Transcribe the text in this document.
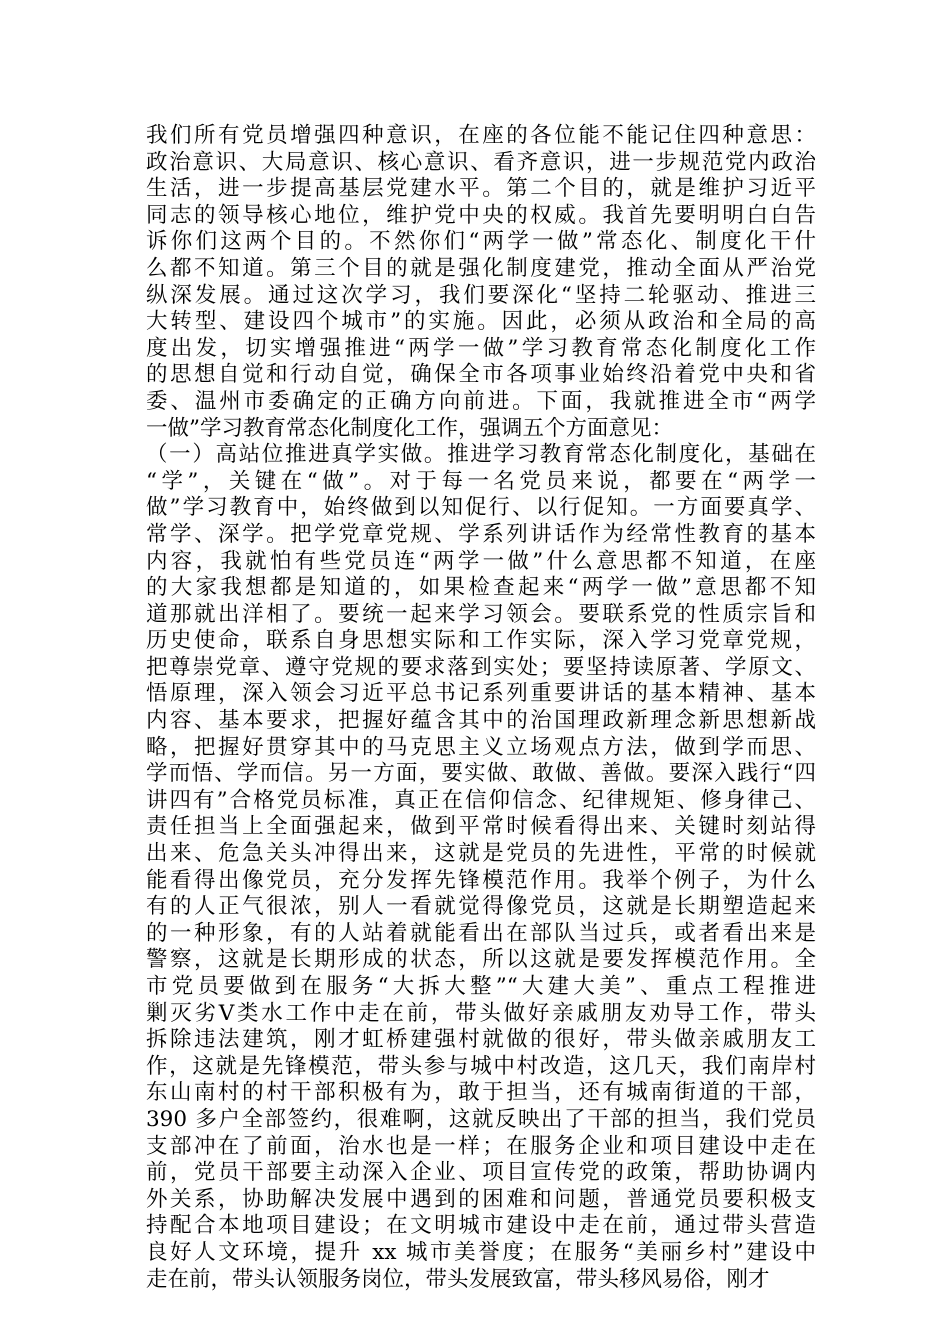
我们所有党员增强四种意识，在座的各位能不能记住四种意思：
政治意识、大局意识、核心意识、看齐意识，进一步规范党内政治
生活，进一步提高基层党建水平。第二个目的，就是维护习近平
同志的领导核心地位，维护党中央的权威。我首先要明明白白告
诉你们这两个目的。不然你们“两学一做”常态化、制度化干什
么都不知道。第三个目的就是强化制度建党，推动全面从严治党
纵深发展。通过这次学习，我们要深化“坚持二轮驱动、推进三
大转型、建设四个城市”的实施。因此，必须从政治和全局的高
度出发，切实增强推进“两学一做”学习教育常态化制度化工作
的思想自觉和行动自觉，确保全市各项事业始终沿着党中央和省
委、温州市委确定的正确方向前进。下面，我就推进全市“两学
一做”学习教育常态化制度化工作，强调五个方面意见：
（一）高站位推进真学实做。推进学习教育常态化制度化，基础在
“学”，关键在“做”。对于每一名党员来说，都要在“两学一
做”学习教育中，始终做到以知促行、以行促知。一方面要真学、
常学、深学。把学党章党规、学系列讲话作为经常性教育的基本
内容，我就怕有些党员连“两学一做”什么意思都不知道，在座
的大家我想都是知道的，如果检查起来“两学一做”意思都不知
道那就出洋相了。要统一起来学习领会。要联系党的性质宗旨和
历史使命，联系自身思想实际和工作实际，深入学习党章党规，
把尊崇党章、遵守党规的要求落到实处；要坚持读原著、学原文、
悟原理，深入领会习近平总书记系列重要讲话的基本精神、基本
内容、基本要求，把握好蕴含其中的治国理政新理念新思想新战
略，把握好贯穿其中的马克思主义立场观点方法，做到学而思、
学而悟、学而信。另一方面，要实做、敢做、善做。要深入践行“四
讲四有”合格党员标准，真正在信仰信念、纪律规矩、修身律己、
责任担当上全面强起来，做到平常时候看得出来、关键时刻站得
出来、危急关头冲得出来，这就是党员的先进性，平常的时候就
能看得出像党员，充分发挥先锋模范作用。我举个例子，为什么
有的人正气很浓，别人一看就觉得像党员，这就是长期塑造起来
的一种形象，有的人站着就能看出在部队当过兵，或者看出来是
警察，这就是长期形成的状态，所以这就是要发挥模范作用。全
市党员要做到在服务“大拆大整”“大建大美”、重点工程推进
剿灭劣Ⅴ类水工作中走在前，带头做好亲戚朋友劝导工作，带头
拆除违法建筑，刚才虹桥建强村就做的很好，带头做亲戚朋友工
作，这就是先锋模范，带头参与城中村改造，这几天，我们南岸村
东山南村的村干部积极有为，敢于担当，还有城南街道的干部，
390 多户全部签约，很难啊，这就反映出了干部的担当，我们党员
支部冲在了前面，治水也是一样；在服务企业和项目建设中走在
前，党员干部要主动深入企业、项目宣传党的政策，帮助协调内
外关系，协助解决发展中遇到的困难和问题，普通党员要积极支
持配合本地项目建设；在文明城市建设中走在前，通过带头营造
良好人文环境，提升 xx 城市美誉度；在服务“美丽乡村”建设中
走在前，带头认领服务岗位，带头发展致富，带头移风易俗，刚才
